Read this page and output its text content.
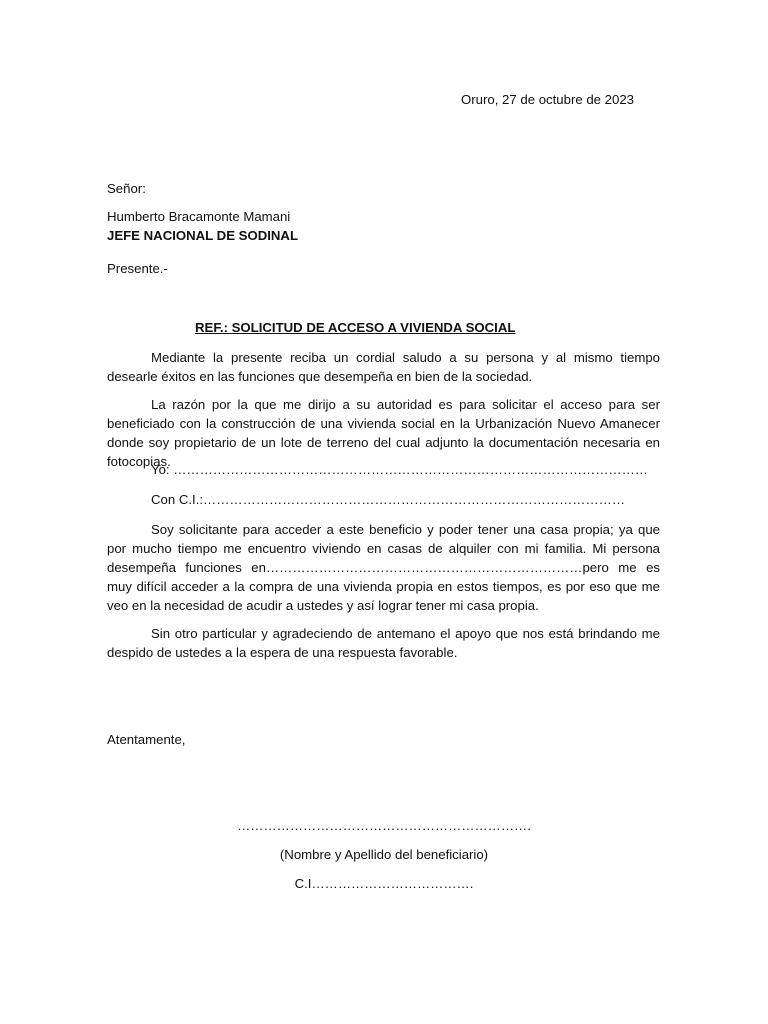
Oruro, 27 de octubre de 2023
Señor:
Humberto Bracamonte Mamani
JEFE NACIONAL DE SODINAL
Presente.-
REF.: SOLICITUD DE ACCESO A VIVIENDA SOCIAL
Mediante la presente reciba un cordial saludo a su persona y al mismo tiempo desearle éxitos en las funciones que desempeña en bien de la sociedad.
La razón por la que me dirijo a su autoridad es para solicitar el acceso para ser beneficiado con la construcción de una vivienda social en la Urbanización Nuevo Amanecer donde soy propietario de un lote de terreno del cual adjunto la documentación necesaria en fotocopias.
Yo: ………………………………………………………………………………………………
Con C.I.:……………………………………………………………………………………
Soy solicitante para acceder a este beneficio y poder tener una casa propia; ya que por mucho tiempo me encuentro viviendo en casas de alquiler con mi familia. Mi persona desempeña funciones en………………………………………………………………pero me es muy difícil acceder a la compra de una vivienda propia en estos tiempos, es por eso que me veo en la necesidad de acudir a ustedes y así lograr tener mi casa propia.
Sin otro particular y agradeciendo de antemano el apoyo que nos está brindando me despido de ustedes a la espera de una respuesta favorable.
Atentamente,
………………………………………………………….
(Nombre y Apellido del beneficiario)
C.I……………………………….
